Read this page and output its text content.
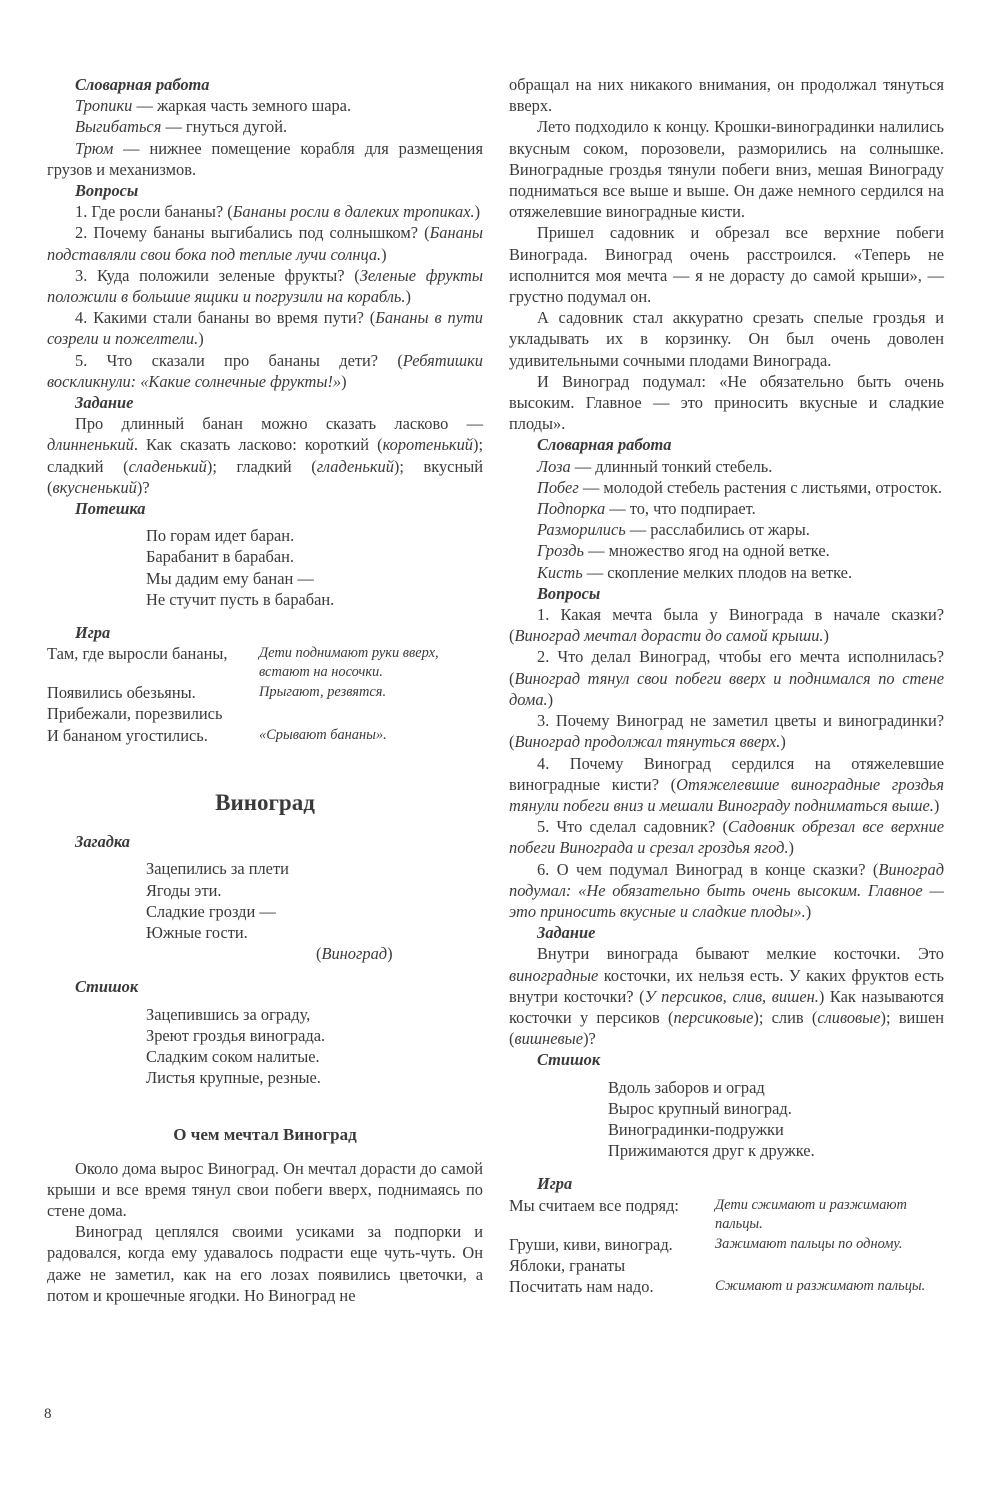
Словарная работа

Тропики — жаркая часть земного шара.

Выгибаться — гнуться дугой.

Трюм — нижнее помещение корабля для размещения грузов и механизмов.

Вопросы

1. Где росли бананы? (Бананы росли в далеких тропиках.)

2. Почему бананы выгибались под солнышком? (Бананы подставляли свои бока под теплые лучи солнца.)

3. Куда положили зеленые фрукты? (Зеленые фрукты положили в большие ящики и погрузили на корабль.)

4. Какими стали бананы во время пути? (Бананы в пути созрели и пожелтели.)

5. Что сказали про бананы дети? (Ребятишки воскликнули: «Какие солнечные фрукты!»)

Задание

Про длинный банан можно сказать ласково — длинненький. Как сказать ласково: короткий (коротенький); сладкий (сладенький); гладкий (гладенький); вкусный (вкусненький)?

Потешка

По горам идет баран.

Барабанит в барабан.

Мы дадим ему банан —

Не стучит пусть в барабан.

Игра

Там, где выросли бананы,	Дети поднимают руки вверх, встают на носочки.
Появились обезьяны.	Прыгают, резвятся.
Прибежали, порезвились
И бананом угостились.	«Срывают бананы».

Виноград

Загадка

Зацепились за плети

Ягоды эти.

Сладкие грозди —

Южные гости.

(Виноград)

Стишок

Зацепившись за ограду,

Зреют гроздья винограда.

Сладким соком налитые.

Листья крупные, резные.

О чем мечтал Виноград

Около дома вырос Виноград. Он мечтал дорасти до самой крыши и все время тянул свои побеги вверх, поднимаясь по стене дома.

Виноград цеплялся своими усиками за подпорки и радовался, когда ему удавалось подрасти еще чуть-чуть. Он даже не заметил, как на его лозах появились цветочки, а потом и крошечные ягодки. Но Виноград не

обращал на них никакого внимания, он продолжал тянуться вверх.

Лето подходило к концу. Крошки-виноградинки налились вкусным соком, порозовели, разморились на солнышке. Виноградные гроздья тянули побеги вниз, мешая Винограду подниматься все выше и выше. Он даже немного сердился на отяжелевшие виноградные кисти.

Пришел садовник и обрезал все верхние побеги Винограда. Виноград очень расстроился. «Теперь не исполнится моя мечта — я не дорасту до самой крыши», — грустно подумал он.

А садовник стал аккуратно срезать спелые гроздья и укладывать их в корзинку. Он был очень доволен удивительными сочными плодами Винограда.

И Виноград подумал: «Не обязательно быть очень высоким. Главное — это приносить вкусные и сладкие плоды».

Словарная работа

Лоза — длинный тонкий стебель.

Побег — молодой стебель растения с листьями, отросток.

Подпорка — то, что подпирает.

Разморились — расслабились от жары.

Гроздь — множество ягод на одной ветке.

Кисть — скопление мелких плодов на ветке.

Вопросы

1. Какая мечта была у Винограда в начале сказки? (Виноград мечтал дорасти до самой крыши.)

2. Что делал Виноград, чтобы его мечта исполнилась? (Виноград тянул свои побеги вверх и поднимался по стене дома.)

3. Почему Виноград не заметил цветы и виноградинки? (Виноград продолжал тянуться вверх.)

4. Почему Виноград сердился на отяжелевшие виноградные кисти? (Отяжелевшие виноградные гроздья тянули побеги вниз и мешали Винограду подниматься выше.)

5. Что сделал садовник? (Садовник обрезал все верхние побеги Винограда и срезал гроздья ягод.)

6. О чем подумал Виноград в конце сказки? (Виноград подумал: «Не обязательно быть очень высоким. Главное — это приносить вкусные и сладкие плоды».)

Задание

Внутри винограда бывают мелкие косточки. Это виноградные косточки, их нельзя есть. У каких фруктов есть внутри косточки? (У персиков, слив, вишен.) Как называются косточки у персиков (персиковые); слив (сливовые); вишен (вишневые)?

Стишок

Вдоль заборов и оград

Вырос крупный виноград.

Виноградинки-подружки

Прижимаются друг к дружке.

Игра

Мы считаем все подряд:	Дети сжимают и разжимают пальцы.
Груши, киви, виноград.	Зажимают пальцы по одному.
Яблоки, гранаты
Посчитать нам надо.	Сжимают и разжимают пальцы.
8
